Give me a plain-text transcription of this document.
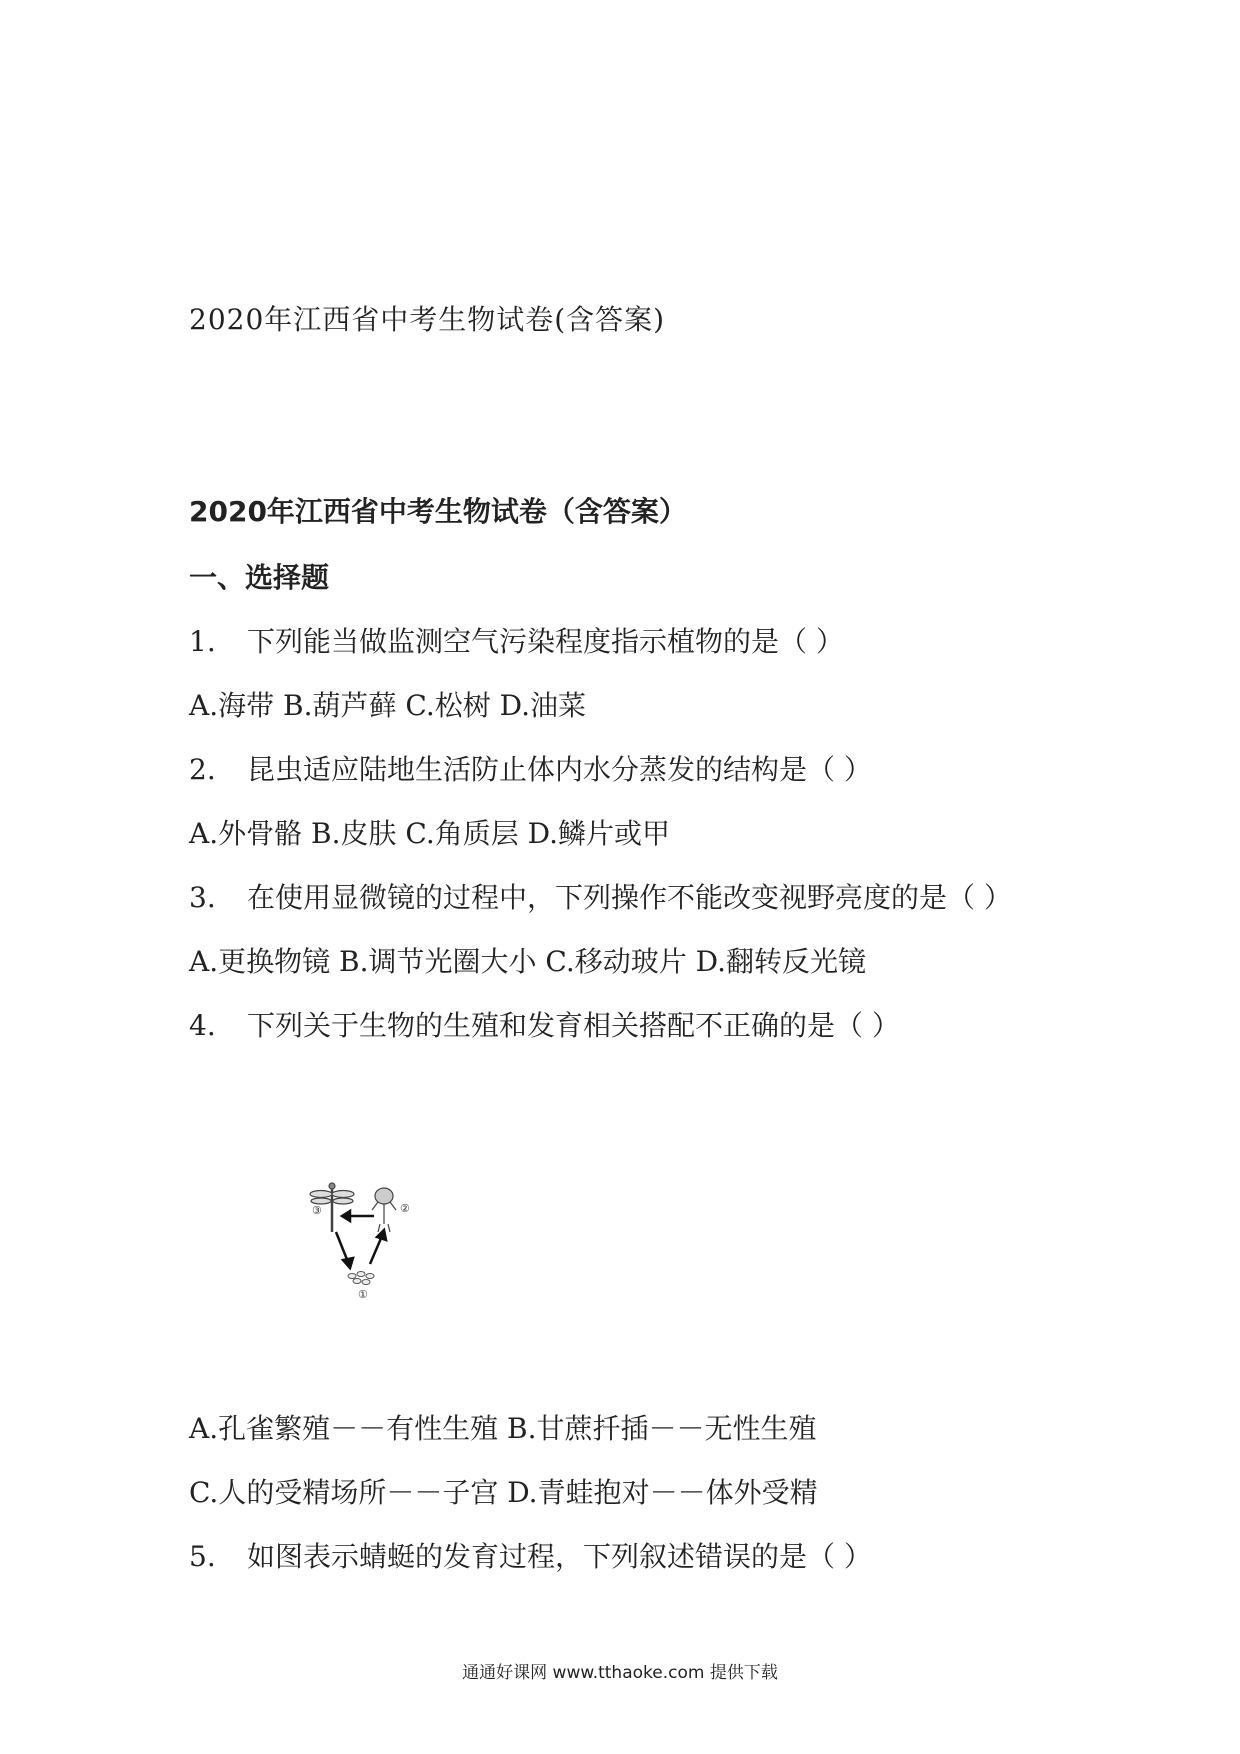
2020年江西省中考生物试卷(含答案)
2020年江西省中考生物试卷（含答案）
一、选择题
1. 下列能当做监测空气污染程度指示植物的是（ ）
A.海带 B.葫芦藓 C.松树 D.油菜
2. 昆虫适应陆地生活防止体内水分蒸发的结构是（ ）
A.外骨骼 B.皮肤 C.角质层 D.鳞片或甲
3. 在使用显微镜的过程中，下列操作不能改变视野亮度的是（ ）
A.更换物镜 B.调节光圈大小 C.移动玻片 D.翻转反光镜
4. 下列关于生物的生殖和发育相关搭配不正确的是（ ）
③	②
①
A.孔雀繁殖－－有性生殖 B.甘蔗扦插－－无性生殖
C.人的受精场所－－子宫 D.青蛙抱对－－体外受精
5. 如图表示蜻蜓的发育过程，下列叙述错误的是（ ）
通通好课网 www.tthaoke.com 提供下载
